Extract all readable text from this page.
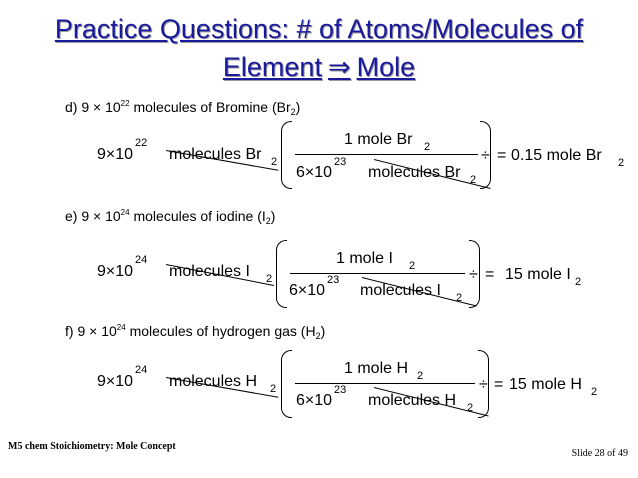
Practice Questions: # of Atoms/Molecules of
Element ⇒ Mole
d) $9 \times 10^{22}$ molecules of Bromine $(Br_2)$
9×10
22
molecules Br 2
1 mole Br 2
6×10
23
molecules Br 2
÷ = 0.15 mole Br 2
e) $9 \times 10^{24}$ molecules of iodine $(I_2)$
9×10
24
molecules I 2
1 mole I 2
6×10
23
molecules I 2
÷ = 15 mole I 2
f) $9 \times 10^{24}$ molecules of hydrogen gas $(H_2)$
9×10
24
molecules H 2
1 mole H 2
6×10
23
molecules H 2
÷ = 15 mole H 2
M5 chem Stoichiometry: Mole Concept
Slide 28 of 49
